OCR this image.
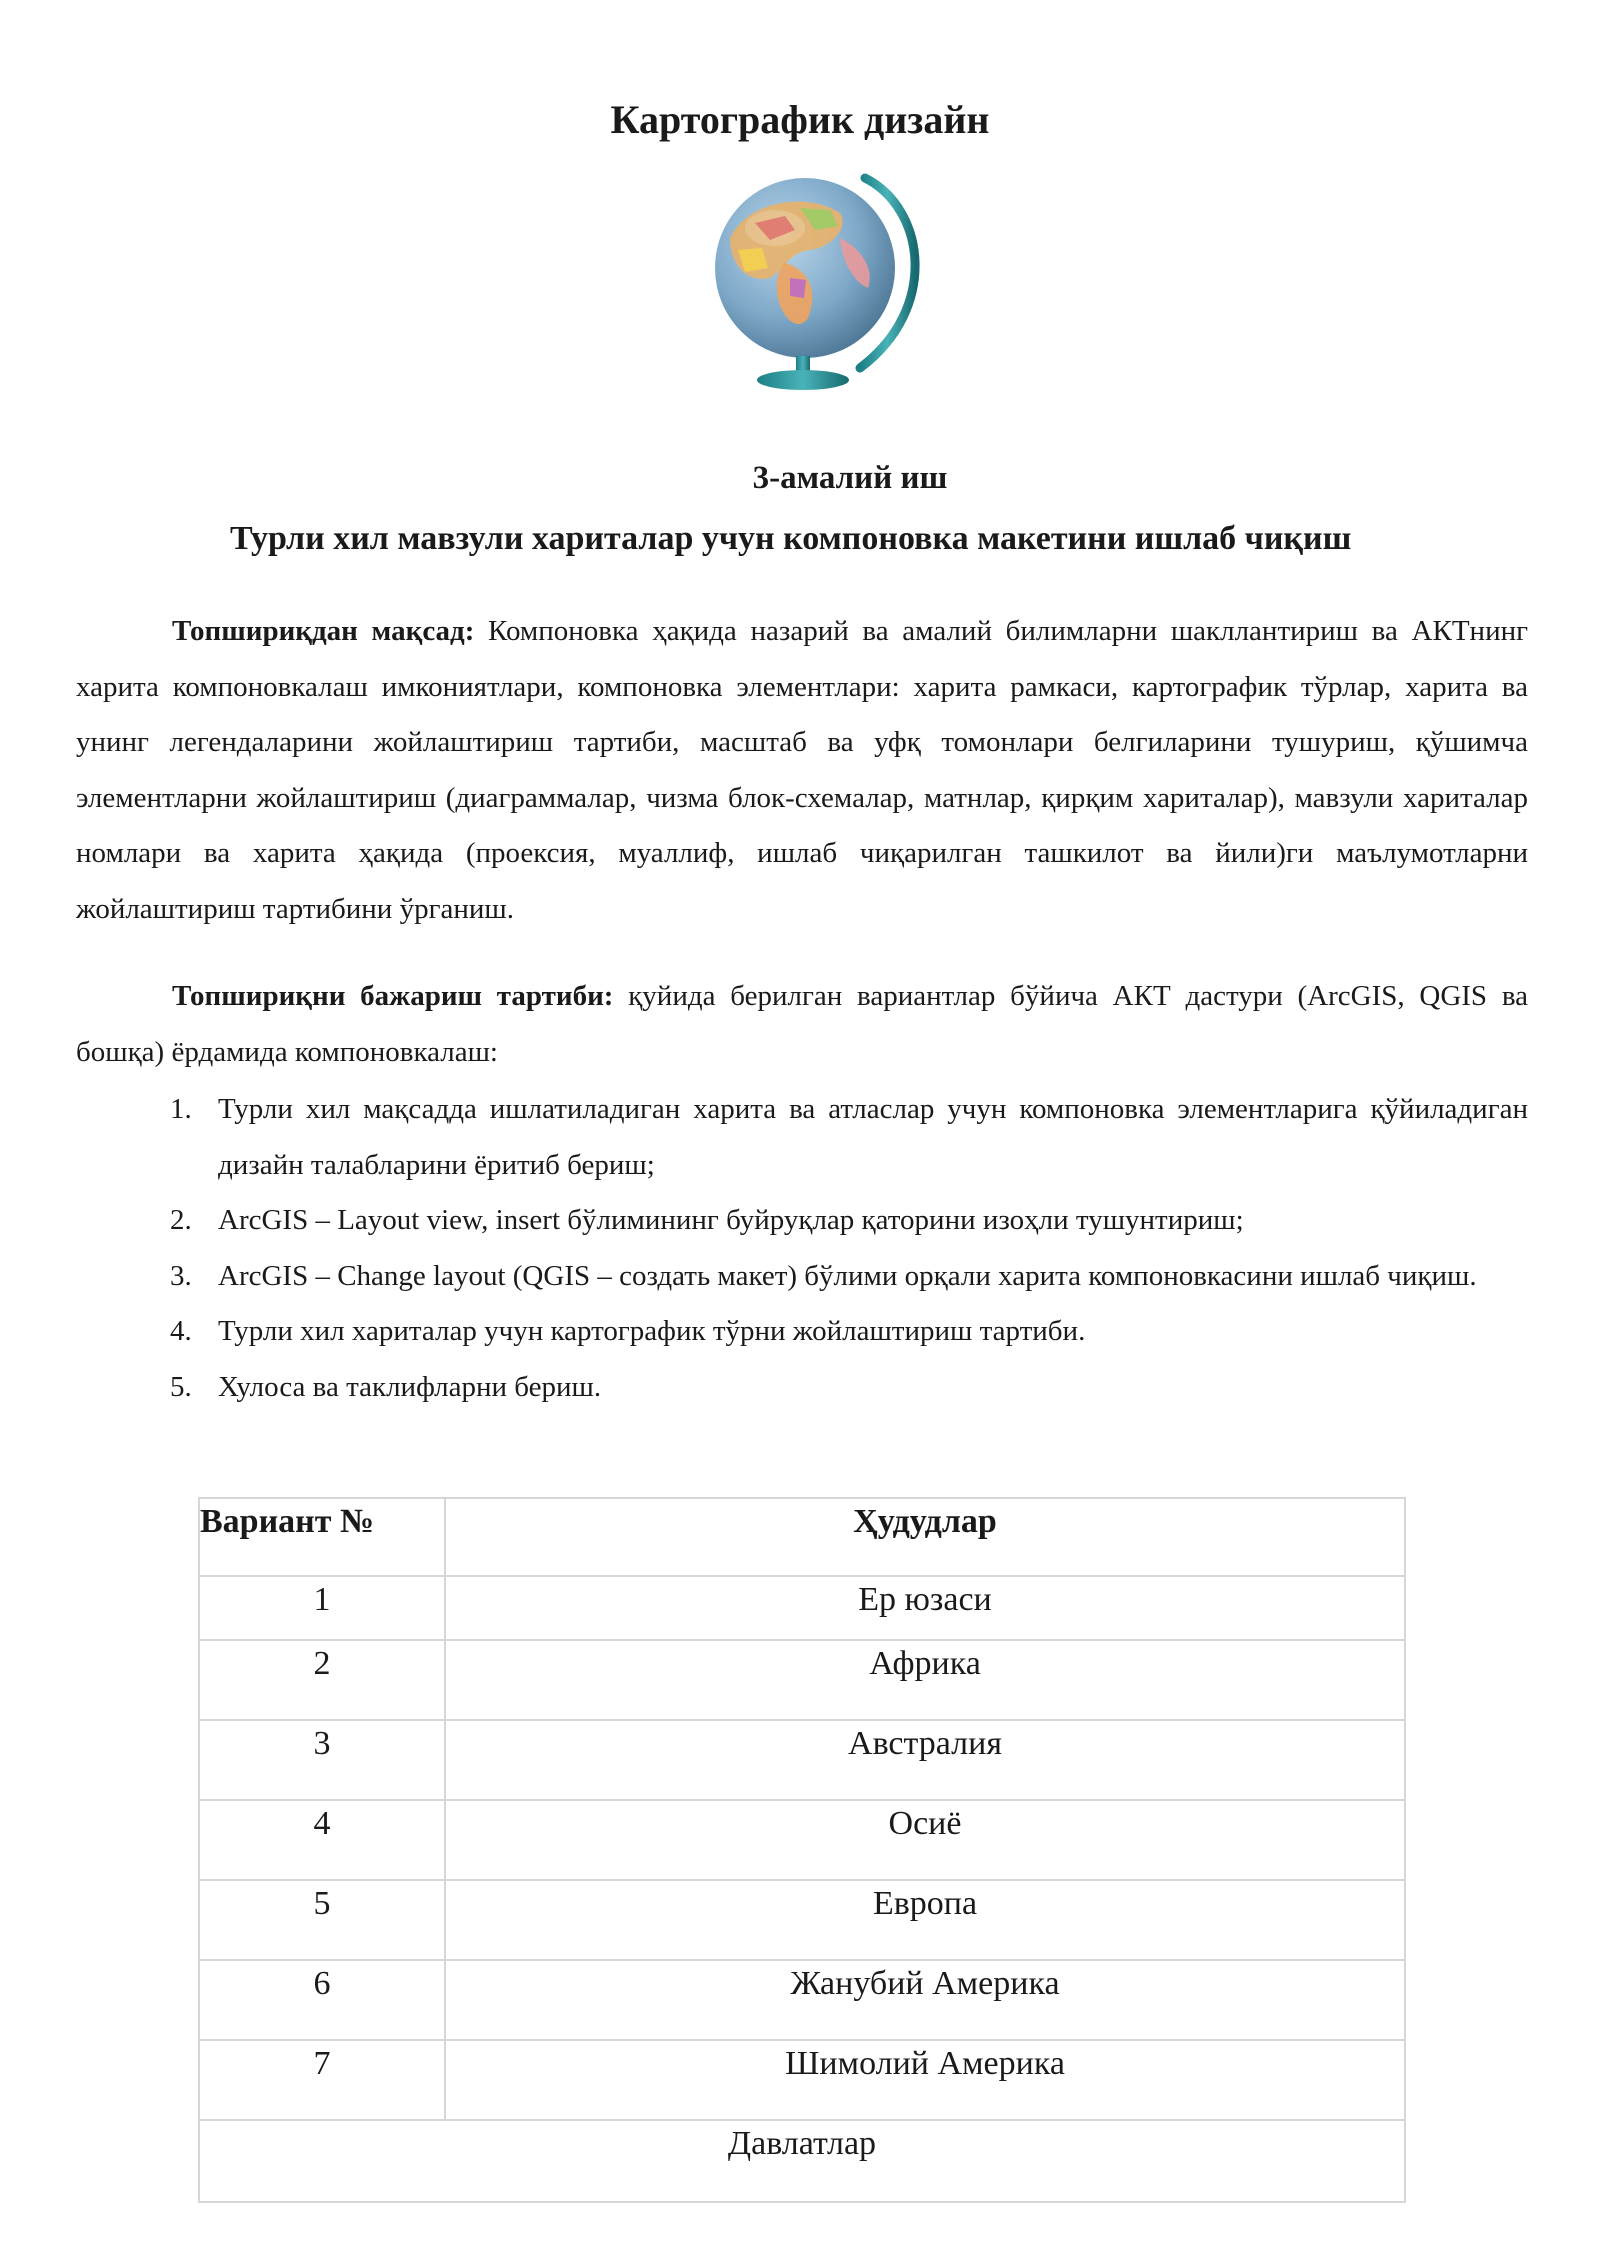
Картографик дизайн
3-амалий иш
Турли хил мавзули хариталар учун компоновка макетини ишлаб чиқиш

Топшириқдан мақсад: Компоновка ҳақида назарий ва амалий билимларни шакллантириш ва АКТнинг харита компоновкалаш имкониятлари, компоновка элементлари: харита рамкаси, картографик тўрлар, харита ва унинг легендаларини жойлаштириш тартиби, масштаб ва уфқ томонлари белгиларини тушуриш, қўшимча элементларни жойлаштириш (диаграммалар, чизма блок-схемалар, матнлар, қирқим хариталар), мавзули хариталар номлари ва харита ҳақида (проексия, муаллиф, ишлаб чиқарилган ташкилот ва йили)ги маълумотларни жойлаштириш тартибини ўрганиш.

Топшириқни бажариш тартиби: қуйида берилган вариантлар бўйича АКТ дастури (ArcGIS, QGIS ва бошқа) ёрдамида компоновкалаш:

1. Турли хил мақсадда ишлатиладиган харита ва атласлар учун компоновка элементларига қўйиладиган дизайн талабларини ёритиб бериш;
2. ArcGIS – Layout view, insert бўлимининг буйруқлар қаторини изоҳли тушунтириш;
3. ArcGIS – Change layout (QGIS – создать макет) бўлими орқали харита компоновкасини ишлаб чиқиш.
4. Турли хил хариталар учун картографик тўрни жойлаштириш тартиби.
5. Хулоса ва таклифларни бериш.
Вариант №	Ҳудудлар
1	Ер юзаси
2	Африка
3	Австралия
4	Осиё
5	Европа
6	Жанубий Америка
7	Шимолий Америка
Давлатлар	
